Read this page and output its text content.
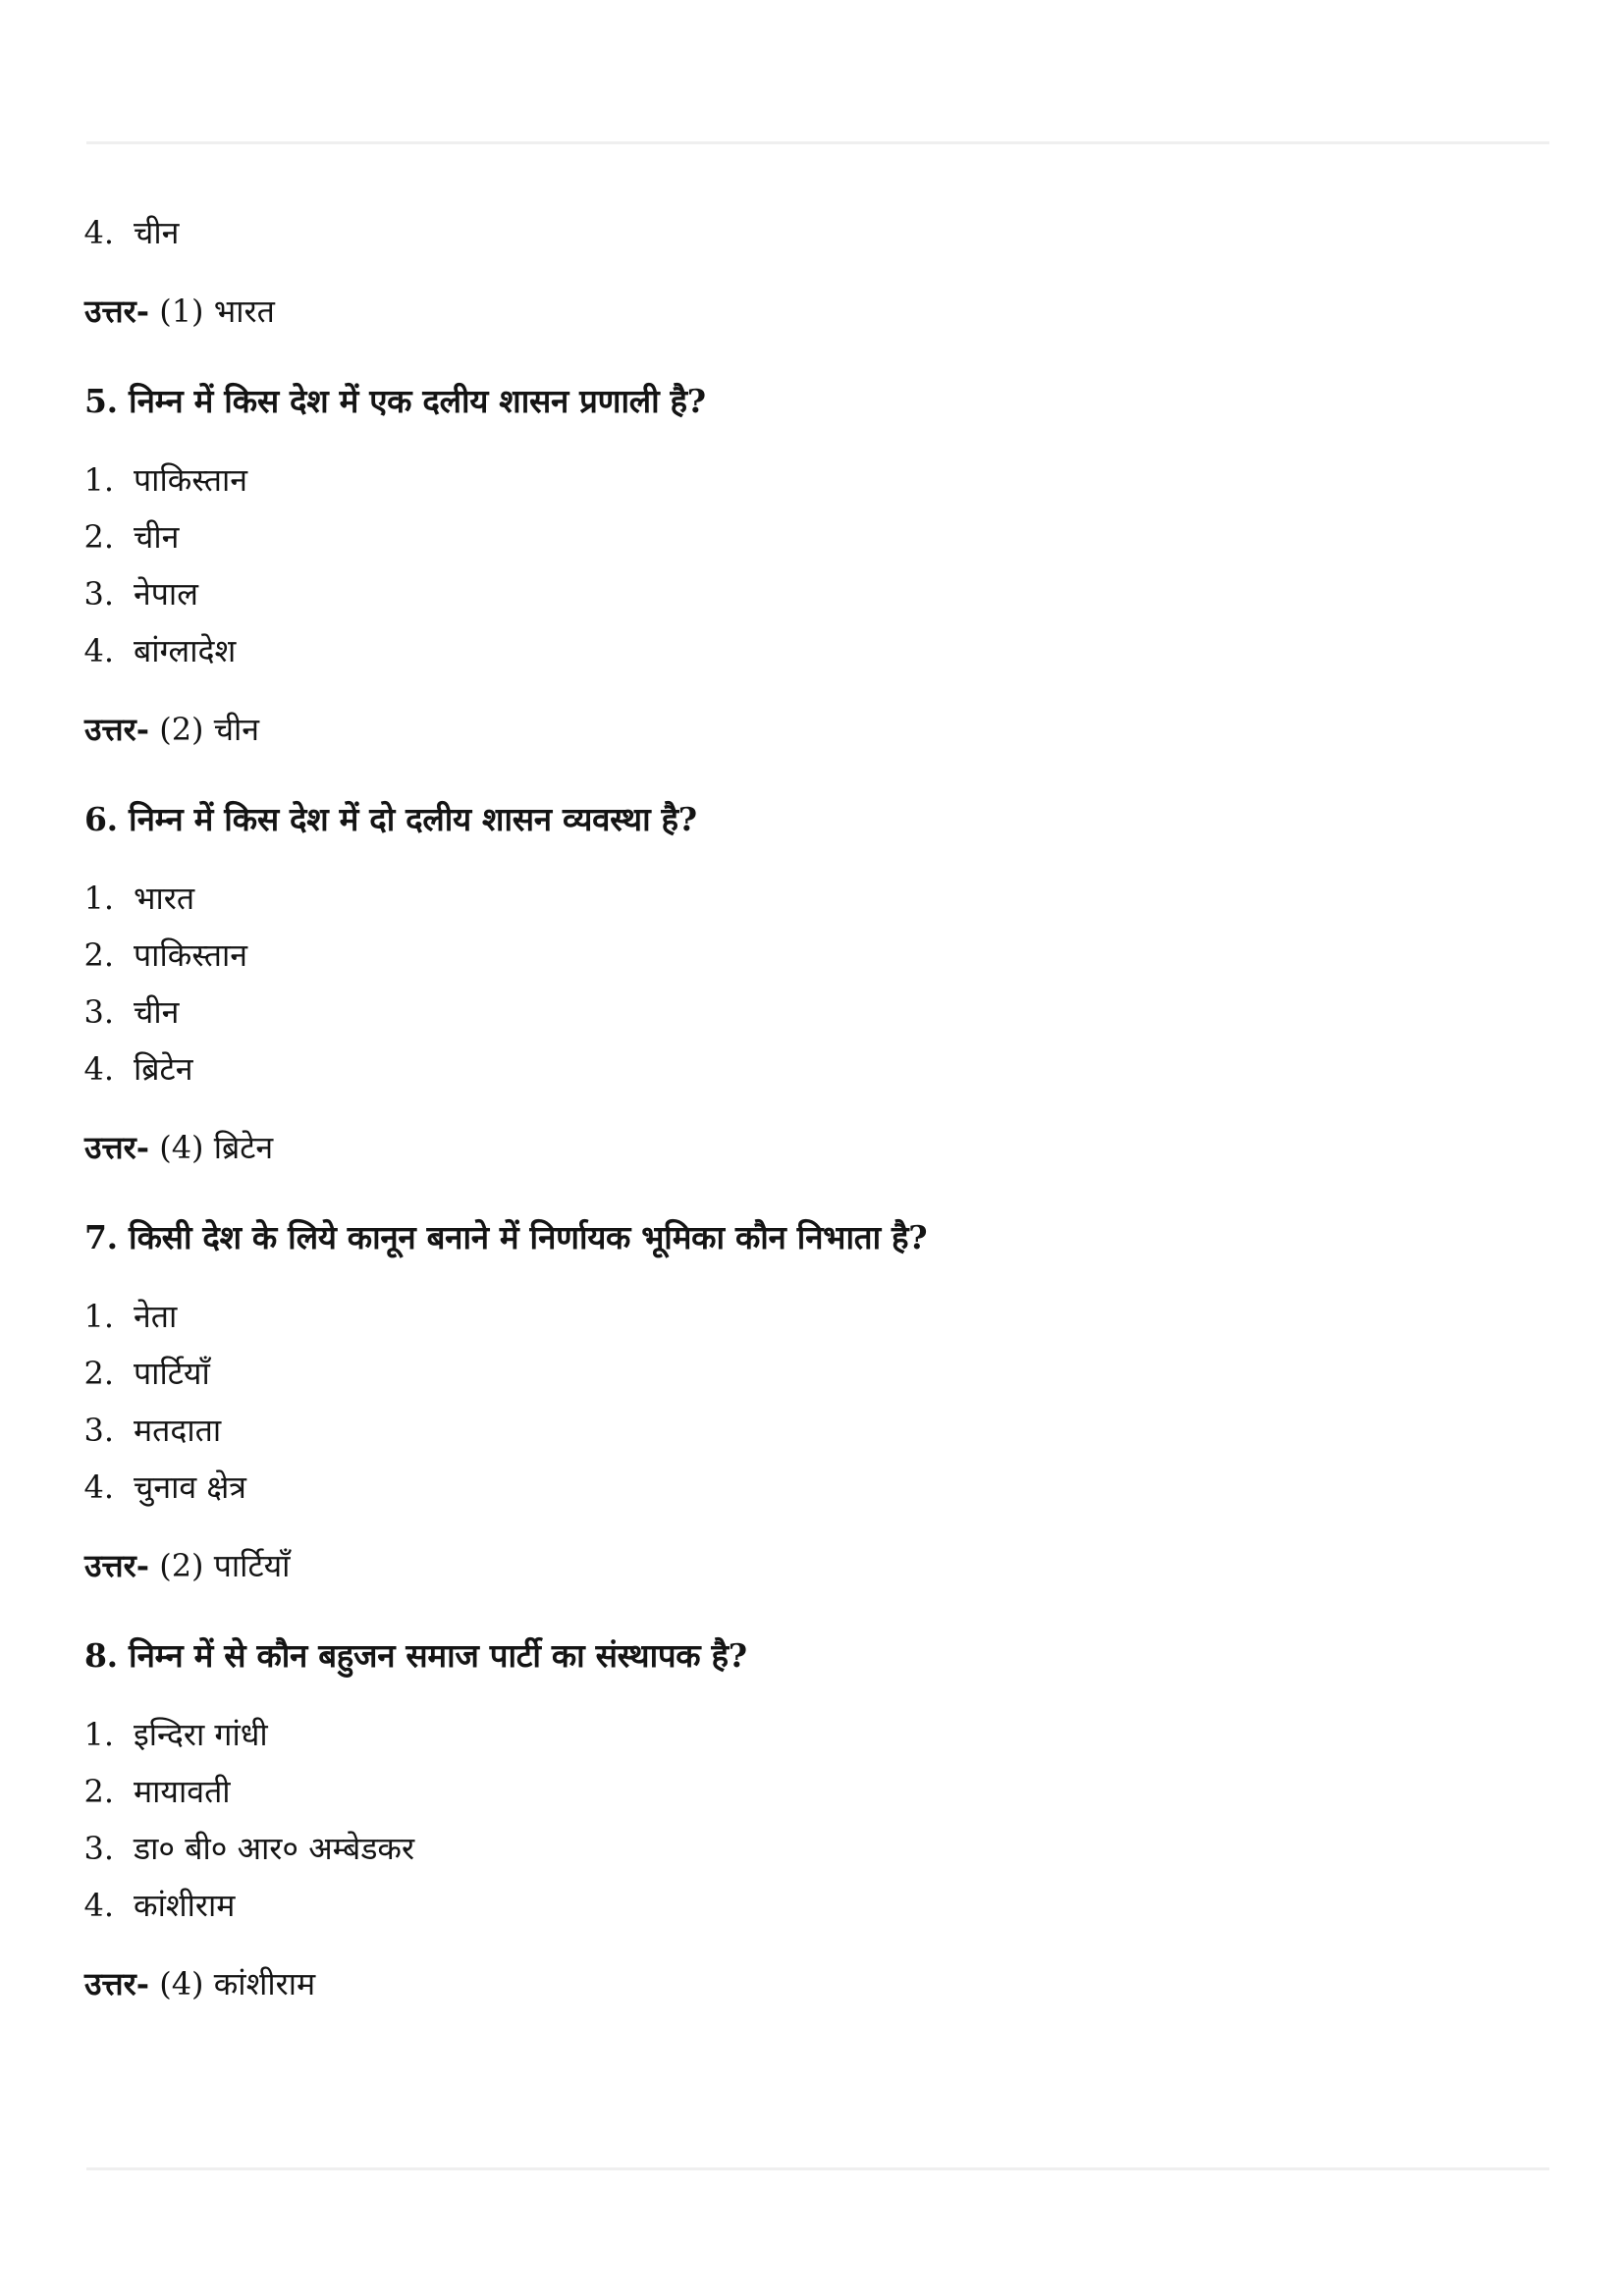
4. चीन
उत्तर- (1) भारत
5. निम्न में किस देश में एक दलीय शासन प्रणाली है?
1. पाकिस्तान
2. चीन
3. नेपाल
4. बांग्लादेश
उत्तर- (2) चीन
6. निम्न में किस देश में दो दलीय शासन व्यवस्था है?
1. भारत
2. पाकिस्तान
3. चीन
4. ब्रिटेन
उत्तर- (4) ब्रिटेन
7. किसी देश के लिये कानून बनाने में निर्णायक भूमिका कौन निभाता है?
1. नेता
2. पार्टियाँ
3. मतदाता
4. चुनाव क्षेत्र
उत्तर- (2) पार्टियाँ
8. निम्न में से कौन बहुजन समाज पार्टी का संस्थापक है?
1. इन्दिरा गांधी
2. मायावती
3. डा० बी० आर० अम्बेडकर
4. कांशीराम
उत्तर- (4) कांशीराम
